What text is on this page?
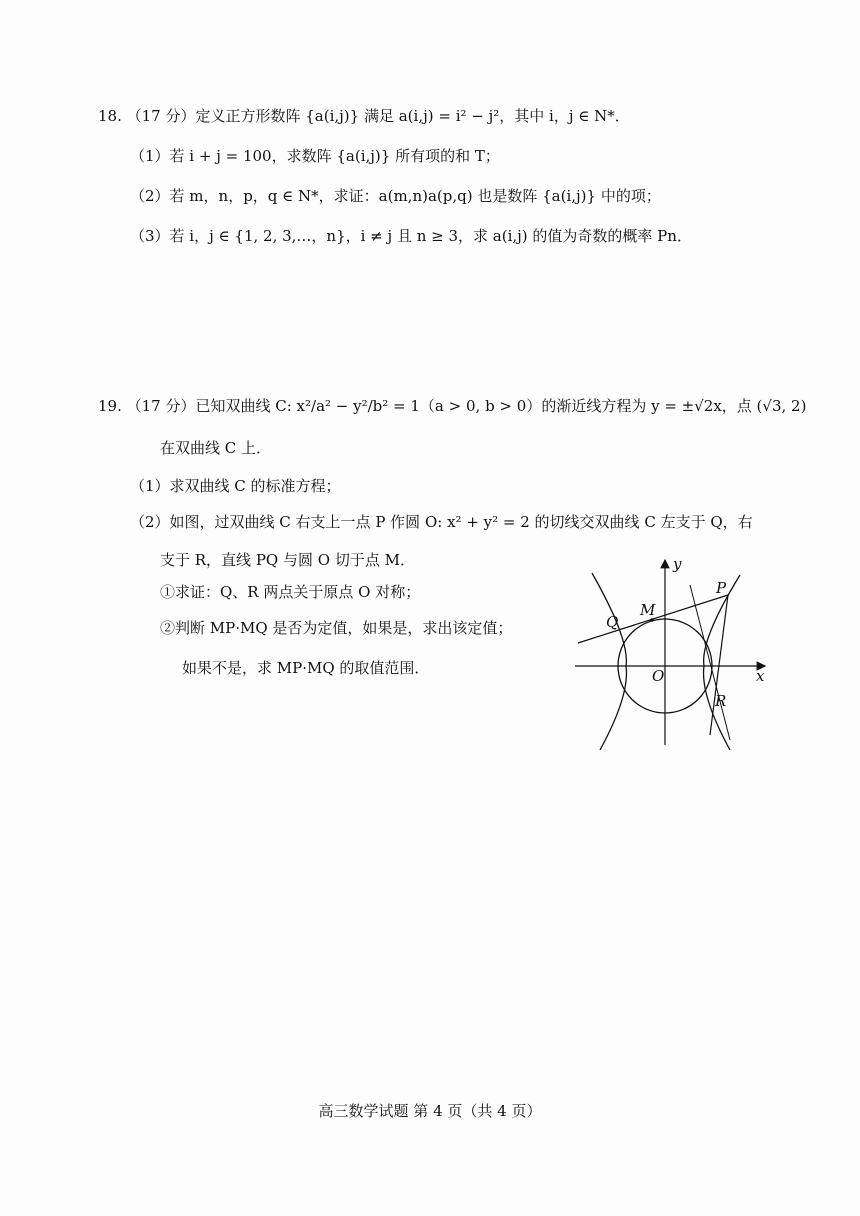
18. （17 分）定义正方形数阵 {a(i,j)} 满足 a(i,j) = i² − j²，其中 i，j ∈ N*．
（1）若 i + j = 100，求数阵 {a(i,j)} 所有项的和 T；
（2）若 m，n，p，q ∈ N*，求证：a(m,n)a(p,q) 也是数阵 {a(i,j)} 中的项；
（3）若 i，j ∈ {1, 2, 3,…，n}，i ≠ j 且 n ≥ 3，求 a(i,j) 的值为奇数的概率 Pn．
19. （17 分）已知双曲线 C: x²/a² − y²/b² = 1（a > 0, b > 0）的渐近线方程为 y = ±√2x，点 (√3, 2)
在双曲线 C 上．
（1）求双曲线 C 的标准方程；
（2）如图，过双曲线 C 右支上一点 P 作圆 O: x² + y² = 2 的切线交双曲线 C 左支于 Q，右
支于 R，直线 PQ 与圆 O 切于点 M．
①求证：Q、R 两点关于原点 O 对称；
②判断 MP·MQ 是否为定值，如果是，求出该定值；
如果不是，求 MP·MQ 的取值范围．
y
x
P
M
Q
O
R
高三数学试题 第 4 页（共 4 页）
